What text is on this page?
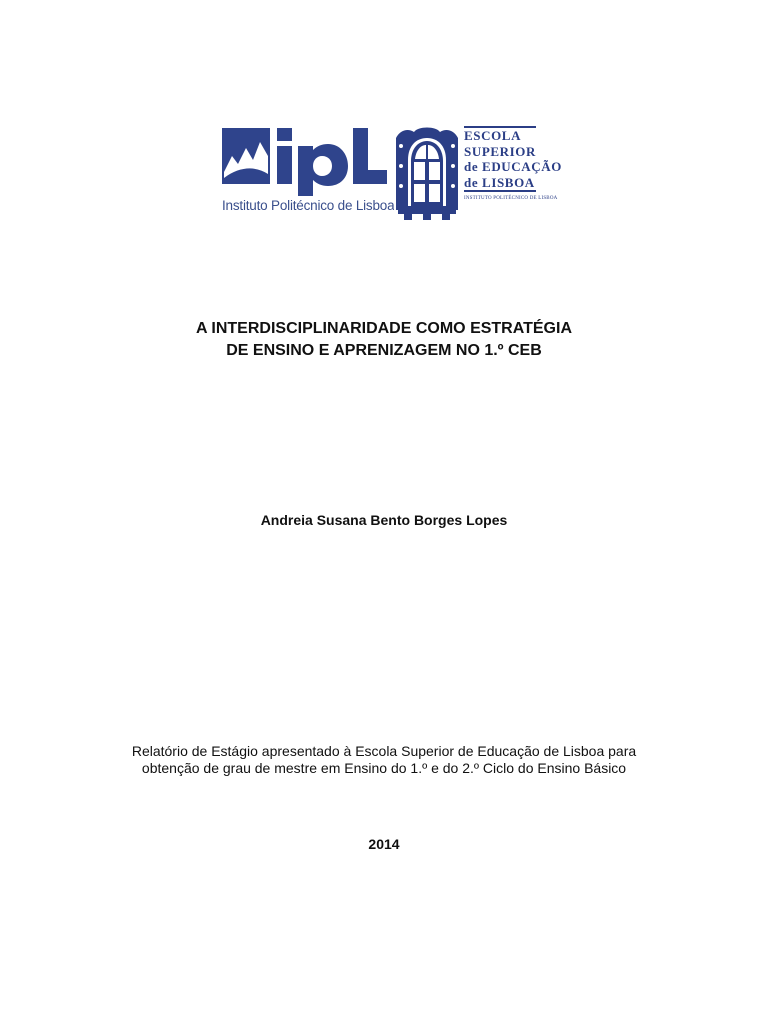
Instituto Politécnico de Lisboa
ESCOLA
SUPERIOR
de EDUCAÇÃO
de LISBOA
INSTITUTO POLITÉCNICO DE LISBOA
A INTERDISCIPLINARIDADE COMO ESTRATÉGIA
DE ENSINO E APRENIZAGEM NO 1.º CEB
Andreia Susana Bento Borges Lopes
Relatório de Estágio apresentado à Escola Superior de Educação de Lisboa para
obtenção de grau de mestre em Ensino do 1.º e do 2.º Ciclo do Ensino Básico
2014
